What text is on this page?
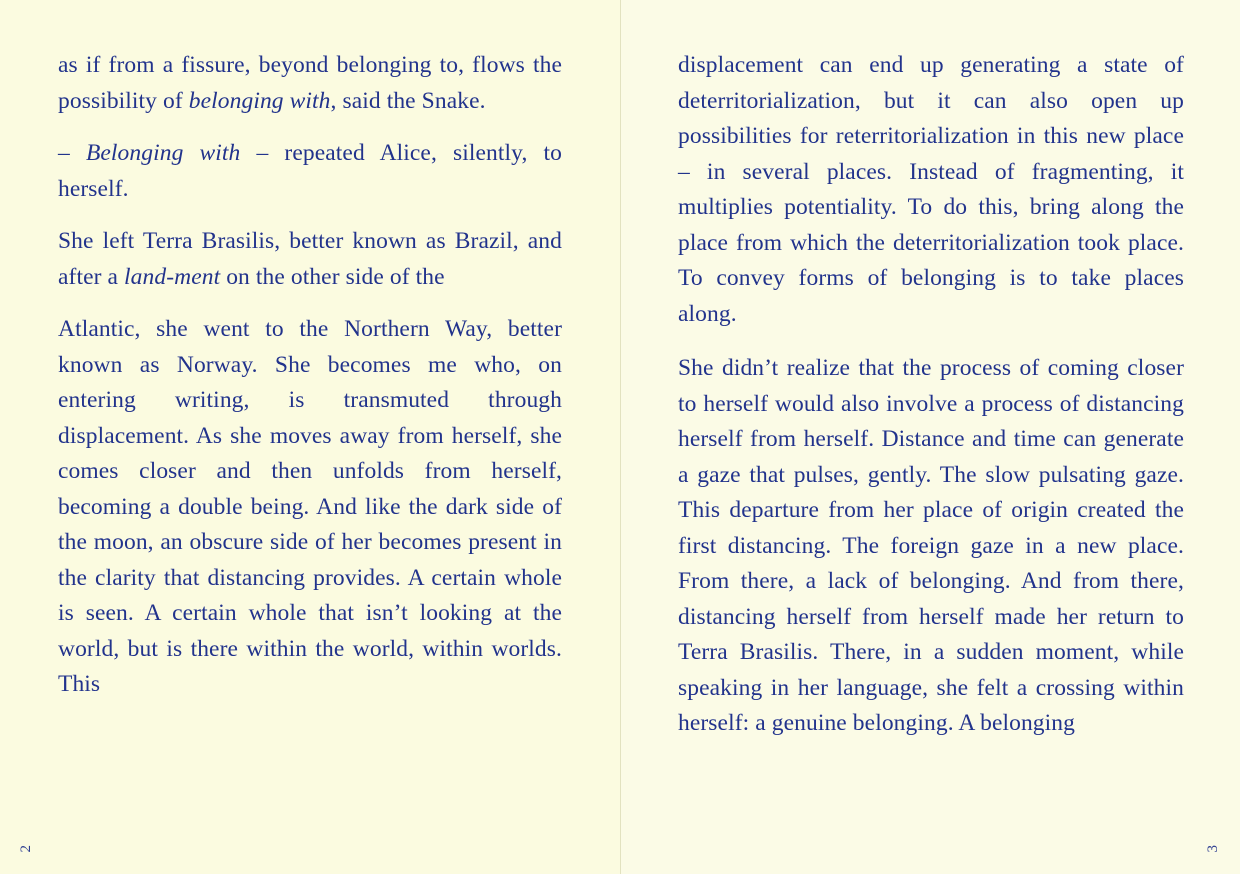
as if from a fissure, beyond belonging to, flows the possibility of belonging with, said the Snake.

– Belonging with – repeated Alice, silently, to herself.

She left Terra Brasilis, better known as Brazil, and after a land-ment on the other side of the

Atlantic, she went to the Northern Way, better known as Norway. She becomes me who, on entering writing, is transmuted through displacement. As she moves away from herself, she comes closer and then unfolds from herself, becoming a double being. And like the dark side of the moon, an obscure side of her becomes present in the clarity that distancing provides. A certain whole is seen. A certain whole that isn’t looking at the world, but is there within the world, within worlds. This

2

displacement can end up generating a state of deterritorialization, but it can also open up possibilities for reterritorialization in this new place – in several places. Instead of fragmenting, it multiplies potentiality. To do this, bring along the place from which the deterritorialization took place. To convey forms of belonging is to take places along.

She didn’t realize that the process of coming closer to herself would also involve a process of distancing herself from herself. Distance and time can generate a gaze that pulses, gently. The slow pulsating gaze. This departure from her place of origin created the first distancing. The foreign gaze in a new place. From there, a lack of belonging. And from there, distancing herself from herself made her return to Terra Brasilis. There, in a sudden moment, while speaking in her language, she felt a crossing within herself: a genuine belonging. A belonging

3
